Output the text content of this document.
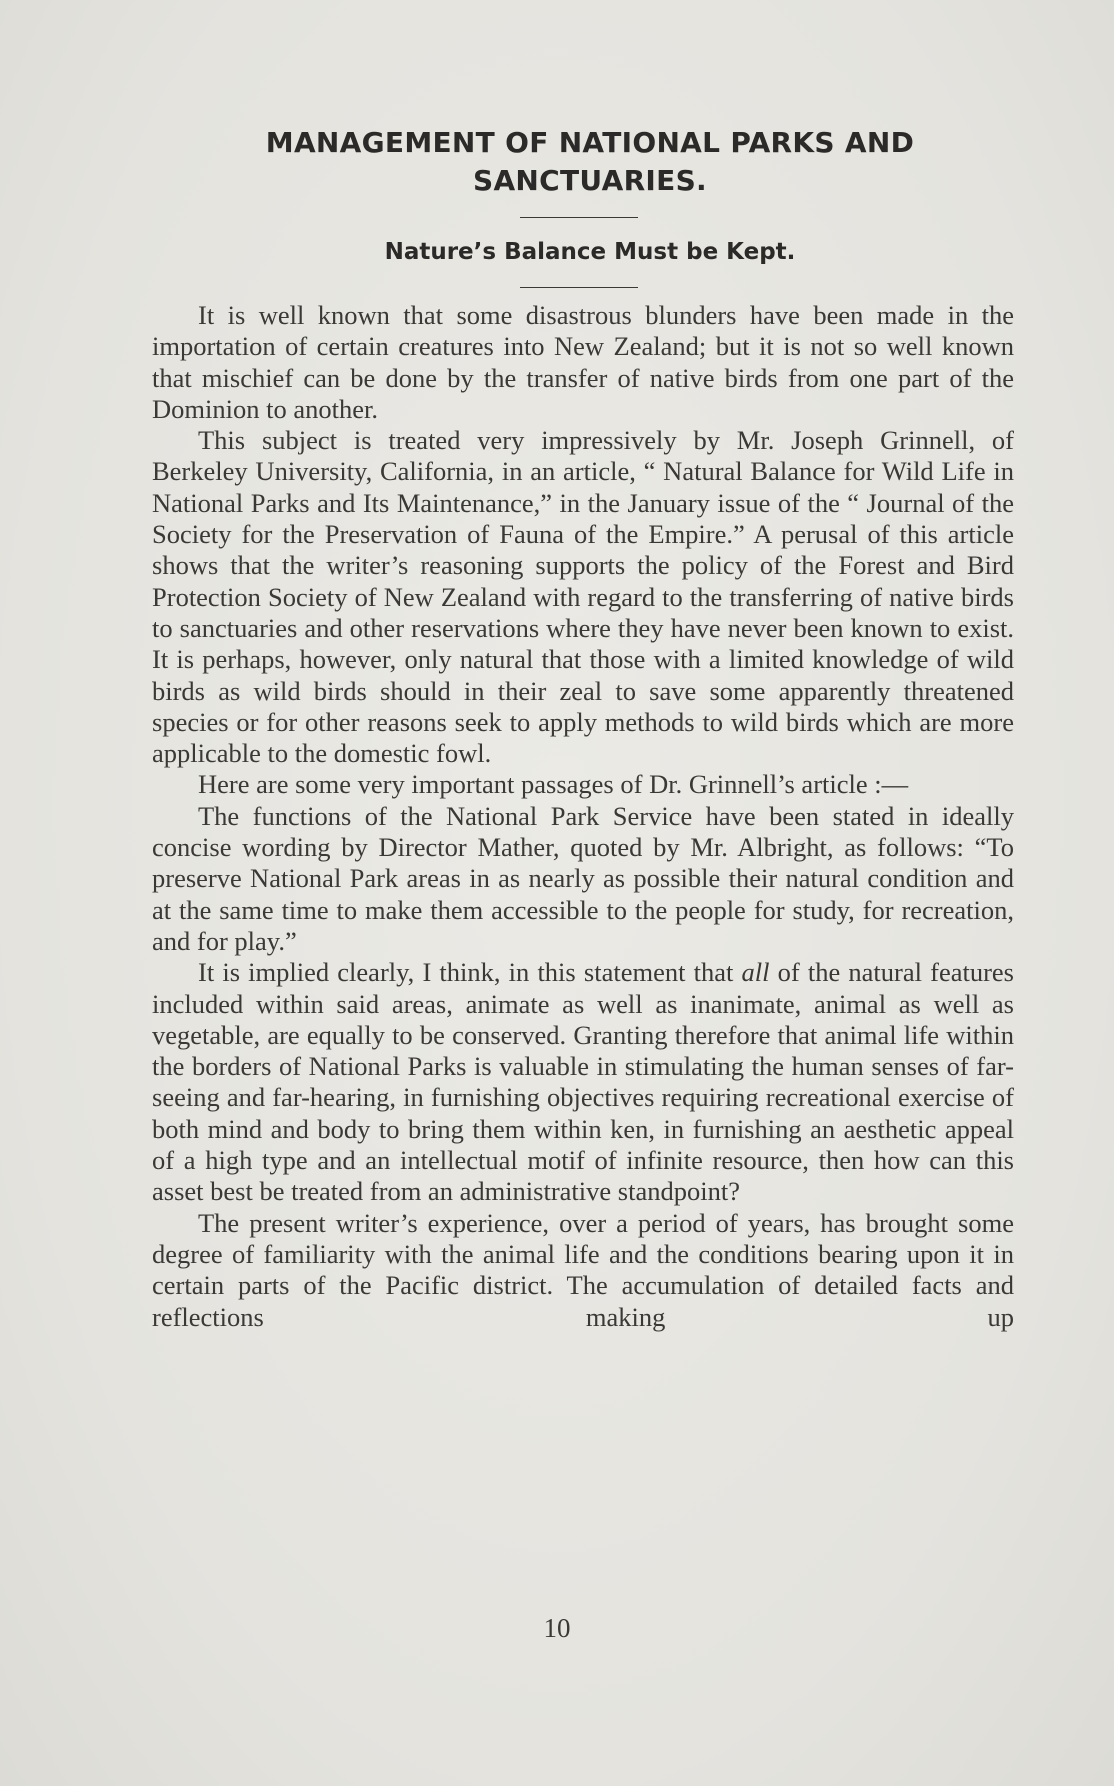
MANAGEMENT OF NATIONAL PARKS AND SANCTUARIES.
Nature’s Balance Must be Kept.

It is well known that some disastrous blunders have been made in the importation of certain creatures into New Zealand; but it is not so well known that mischief can be done by the transfer of native birds from one part of the Dominion to another.

This subject is treated very impressively by Mr. Joseph Grinnell, of Berkeley University, California, in an article, “ Natural Balance for Wild Life in National Parks and Its Maintenance,” in the January issue of the “ Journal of the Society for the Preservation of Fauna of the Empire.” A perusal of this article shows that the writer’s reasoning supports the policy of the Forest and Bird Protection Society of New Zealand with regard to the transferring of native birds to sanctuaries and other reservations where they have never been known to exist. It is perhaps, however, only natural that those with a limited knowledge of wild birds as wild birds should in their zeal to save some apparently threatened species or for other reasons seek to apply methods to wild birds which are more applicable to the domestic fowl.

Here are some very important passages of Dr. Grinnell’s article :—

The functions of the National Park Service have been stated in ideally concise wording by Director Mather, quoted by Mr. Albright, as follows: “To preserve National Park areas in as nearly as possible their natural condition and at the same time to make them accessible to the people for study, for recreation, and for play.”

It is implied clearly, I think, in this statement that all of the natural features included within said areas, animate as well as inanimate, animal as well as vegetable, are equally to be conserved. Granting therefore that animal life within the borders of National Parks is valuable in stimulating the human senses of far-seeing and far-hearing, in furnishing objectives requiring recreational exercise of both mind and body to bring them within ken, in furnishing an aesthetic appeal of a high type and an intellectual motif of infinite resource, then how can this asset best be treated from an administrative standpoint?

The present writer’s experience, over a period of years, has brought some degree of familiarity with the animal life and the conditions bearing upon it in certain parts of the Pacific district. The accumulation of detailed facts and reflections making up

10
